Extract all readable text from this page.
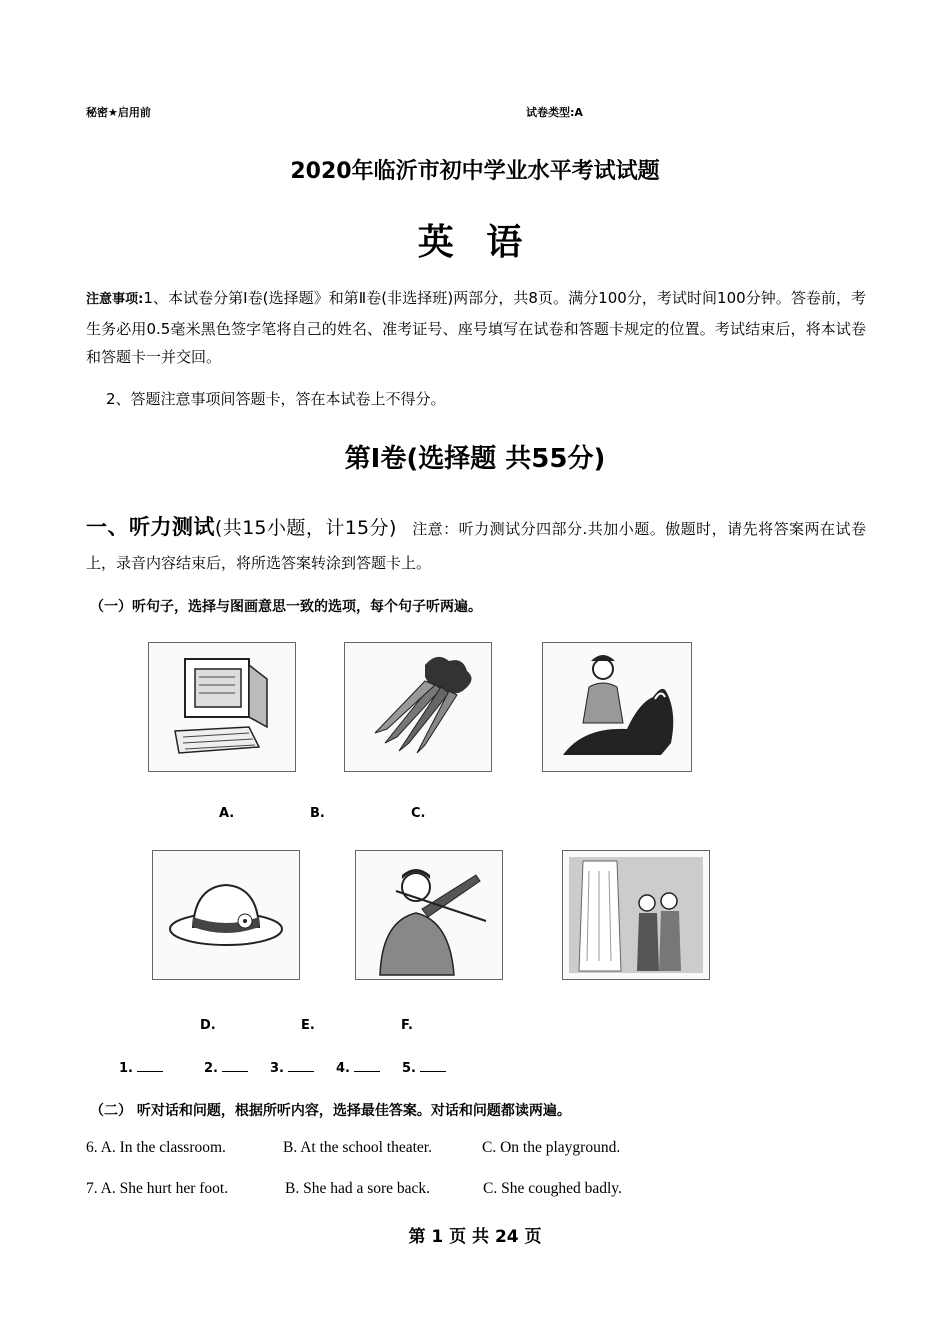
秘密★启用前	试卷类型:A
2020年临沂市初中学业水平考试试题
英 语
注意事项:1、本试卷分第Ⅰ卷(选择题》和第Ⅱ卷(非选择班)两部分，共8页。满分100分，考试时间100分钟。答卷前，考生务必用0.5毫米黑色签字笔将自己的姓名、准考证号、座号填写在试卷和答题卡规定的位置。考试结束后，将本试卷和答题卡一并交回。
2、答题注意事项间答题卡，答在本试卷上不得分。
第Ⅰ卷(选择题 共55分)
一、听力测试(共15小题，计15分) 注意：听力测试分四部分.共加小题。傲题时，请先将答案两在试卷上，录音内容结束后，将所选答案转涂到答题卡上。
（一）听句子，选择与图画意思一致的选项，每个句子听两遍。
A.	B.	C.
D.	E.	F.
1.	2.	3.	4.	5.
（二） 听对话和问题，根据所听内容，选择最佳答案。对话和问题都读两遍。
6. A. In the classroom.	B. At the school theater.	C. On the playground.
7. A. She hurt her foot.	B. She had a sore back.	C. She coughed badly.
第 1 页 共 24 页
